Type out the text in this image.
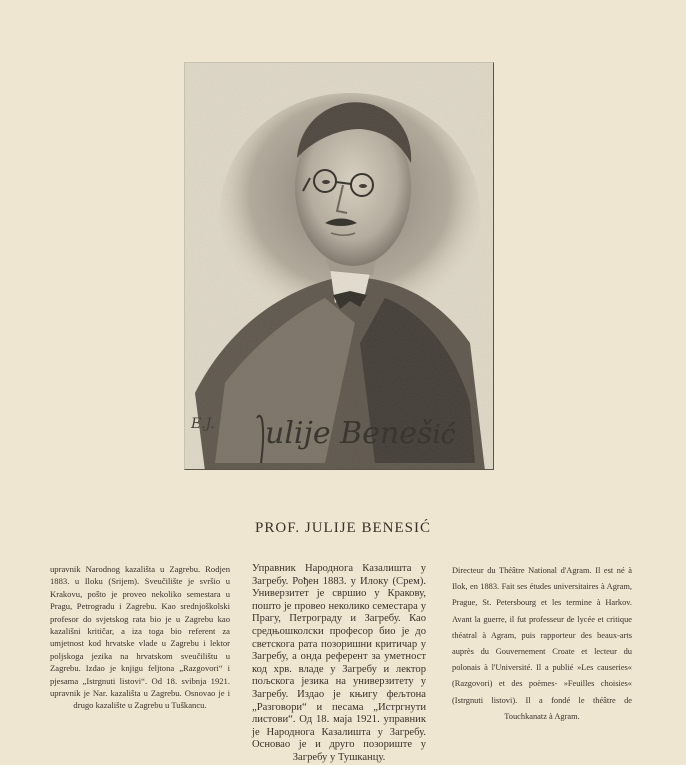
PROF. JULIJE BENESIĆ
upravnik Narodnog kazališta u Zagrebu. Rodjen 1883. u Iloku (Srijem). Sveučilište je svršio u Krakovu, pošto je proveo nekoliko semestara u Pragu, Petrogradu i Zagrebu. Kao srednjoškolski profesor do svjetskog rata bio je u Zagrebu kao kazališni kritičar, a iza toga bio referent za umjetnost kod hrvatske vlade u Zagrebu i lektor poljskoga jezika na hrvatskom sveučilištu u Zagrebu. Izdao je knjigu feljtona „Razgovori“ i pjesama „Istrgnuti listovi“. Od 18. svibnja 1921. upravnik je Nar. kazališta u Zagrebu. Osnovao je i drugo kazalište u Zagrebu u Tuškancu.
Управник Народнога Казалишта у Загребу. Рођен 1883. у Илоку (Срем). Универзитет је свршио у Кракову, пошто је провео неколико семестара у Прагу, Петрограду и Загребу. Као средњошколски професор био је до светскога рата позоришни критичар у Загребу, а онда референт за уметност код хрв. владе у Загребу и лектор пољскога језика на универзитету у Загребу. Издао је књигу фељтона „Разговори“ и песама „Истргнути листови“. Од 18. маја 1921. управник је Народнога Казалишта у Загребу. Основао је и друго позориште у Загребу у Тушканцу.
Directeur du Théâtre National d'Agram. Il est né à Ilok, en 1883. Fait ses études universitaires à Agram, Prague, St. Petersbourg et les termine à Harkov. Avant la guerre, il fut professeur de lycée et critique théatral à Agram, puis rapporteur des beaux-arts auprès du Gouvernement Croate et lecteur du polonais à l'Université. Il a publié »Les causeries« (Razgovori) et des poèmes- »Feuilles choisies« (Istrgnuti listovi). Il a fondé le théâtre de Touchkanatz à Agram.
